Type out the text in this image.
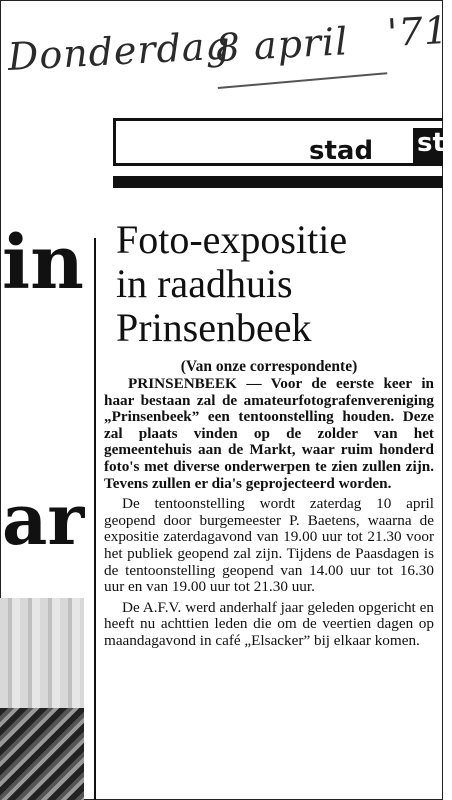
Donderdag
8 april '71
stad st
in
ar
Foto-expositie
in raadhuis
Prinsenbeek

(Van onze correspondente)

PRINSENBEEK — Voor de eerste keer in haar bestaan zal de amateurfotografenvereniging „Prinsenbeek” een tentoonstelling houden. Deze zal plaats vinden op de zolder van het gemeentehuis aan de Markt, waar ruim honderd foto's met diverse onderwerpen te zien zullen zijn. Tevens zullen er dia's geprojecteerd worden.

De tentoonstelling wordt zaterdag 10 april geopend door burgemeester P. Baetens, waarna de expositie zaterdagavond van 19.00 uur tot 21.30 voor het publiek geopend zal zijn. Tijdens de Paasdagen is de tentoonstelling geopend van 14.00 uur tot 16.30 uur en van 19.00 uur tot 21.30 uur.

De A.F.V. werd anderhalf jaar geleden opgericht en heeft nu achttien leden die om de veertien dagen op maandagavond in café „Elsacker” bij elkaar komen.
